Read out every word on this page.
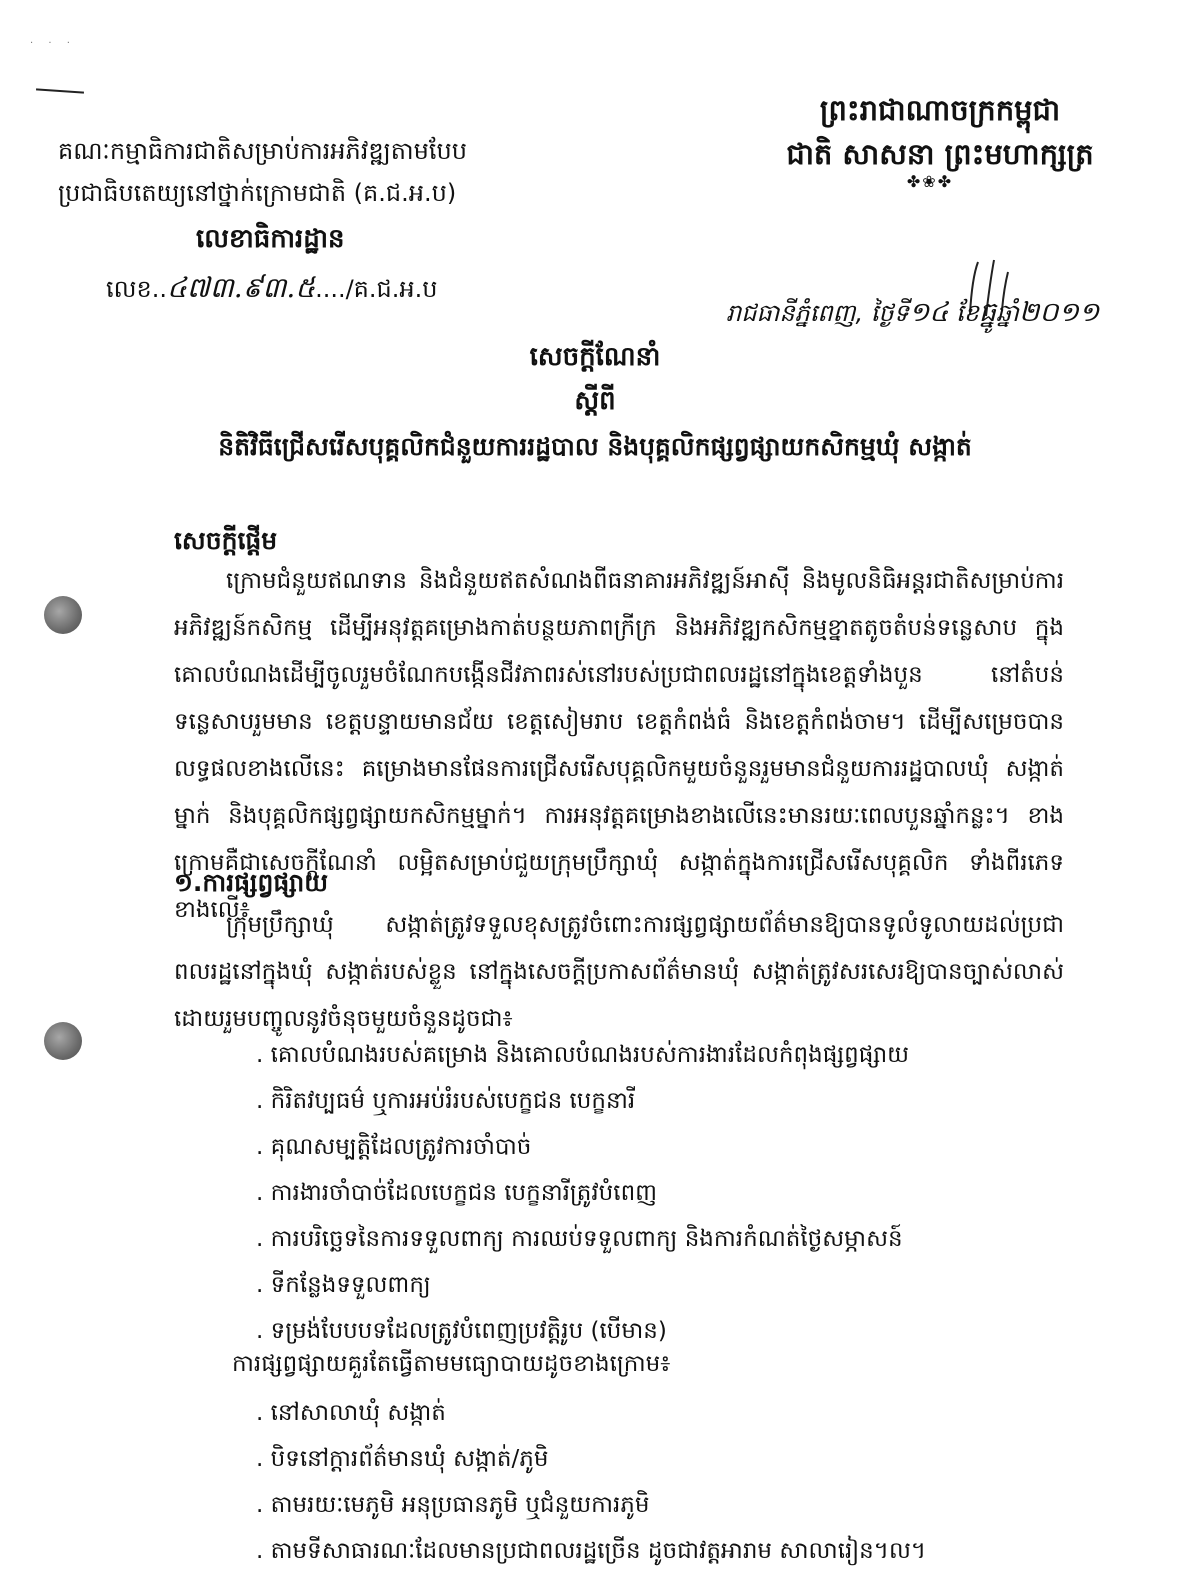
· · ·
ព្រះរាជាណាចក្រកម្ពុជា
ជាតិ សាសនា ព្រះមហាក្សត្រ
✤❀✤
គណៈកម្មាធិការជាតិសម្រាប់ការអភិវឌ្ឍតាមបែប
ប្រជាធិបតេយ្យនៅថ្នាក់ក្រោមជាតិ (គ.ជ.អ.ប)
លេខាធិការដ្ឋាន
លេខ..៤៧៣.៩៣.៥..../គ.ជ.អ.ប
រាជធានីភ្នំពេញ, ថ្ងៃទី១៤ ខែធ្នូឆ្នាំ២០១១
សេចក្តីណែនាំ
ស្តីពី
និតិវិធីជ្រើសរើសបុគ្គលិកជំនួយការរដ្ឋបាល និងបុគ្គលិកផ្សព្វផ្សាយកសិកម្មឃុំ សង្កាត់
សេចក្តីផ្តើម
ក្រោមជំនួយឥណទាន និងជំនួយឥតសំណងពីធនាគារអភិវឌ្ឍន៍អាស៊ី និងមូលនិធិអន្តរជាតិសម្រាប់ការអភិវឌ្ឍន៍កសិកម្ម ដើម្បីអនុវត្តគម្រោងកាត់បន្ថយភាពក្រីក្រ និងអភិវឌ្ឍកសិកម្មខ្នាតតូចតំបន់ទន្លេសាប ក្នុងគោលបំណងដើម្បីចូលរួមចំណែកបង្កើនជីវភាពរស់នៅរបស់ប្រជាពលរដ្ឋនៅក្នុងខេត្តទាំងបួន នៅតំបន់ទន្លេសាបរួមមាន ខេត្តបន្ទាយមានជ័យ ខេត្តសៀមរាប ខេត្តកំពង់ធំ និងខេត្តកំពង់ចាម។ ដើម្បីសម្រេចបានលទ្ធផលខាងលើនេះ គម្រោងមានផែនការជ្រើសរើសបុគ្គលិកមួយចំនួនរួមមានជំនួយការរដ្ឋបាលឃុំ សង្កាត់ម្នាក់ និងបុគ្គលិកផ្សព្វផ្សាយកសិកម្មម្នាក់។ ការអនុវត្តគម្រោងខាងលើនេះមានរយៈពេលបួនឆ្នាំកន្លះ។ ខាងក្រោមគឺជាសេចក្តីណែនាំ លម្អិតសម្រាប់ជួយក្រុមប្រឹក្សាឃុំ សង្កាត់ក្នុងការជ្រើសរើសបុគ្គលិក ទាំងពីរភេទខាងលើ៖
១.ការផ្សព្វផ្សាយ
ក្រុមប្រឹក្សាឃុំ សង្កាត់ត្រូវទទួលខុសត្រូវចំពោះការផ្សព្វផ្សាយព័ត៌មានឱ្យបានទូលំទូលាយដល់ប្រជាពលរដ្ឋនៅក្នុងឃុំ សង្កាត់របស់ខ្លួន នៅក្នុងសេចក្តីប្រកាសព័ត៌មានឃុំ សង្កាត់ត្រូវសរសេរឱ្យបានច្បាស់លាស់ដោយរួមបញ្ចូលនូវចំនុចមួយចំនួនដូចជា៖
. គោលបំណងរបស់គម្រោង និងគោលបំណងរបស់ការងារដែលកំពុងផ្សព្វផ្សាយ
. កិរិតវប្បធម៌ ឬការអប់រំរបស់បេក្ខជន បេក្ខនារី
. គុណសម្បត្តិដែលត្រូវការចាំបាច់
. ការងារចាំបាច់ដែលបេក្ខជន បេក្ខនារីត្រូវបំពេញ
. ការបរិច្ឆេទនៃការទទួលពាក្យ ការឈប់ទទួលពាក្យ និងការកំណត់ថ្ងៃសម្ភាសន៍
. ទីកន្លែងទទួលពាក្យ
. ទម្រង់បែបបទដែលត្រូវបំពេញប្រវត្តិរូប (បើមាន)
ការផ្សព្វផ្សាយគួរតែធ្វើតាមមធ្យោបាយដូចខាងក្រោម៖
. នៅសាលាឃុំ សង្កាត់
. បិទនៅក្តារព័ត៌មានឃុំ សង្កាត់/ភូមិ
. តាមរយៈមេភូមិ អនុប្រធានភូមិ ឬជំនួយការភូមិ
. តាមទីសាធារណៈដែលមានប្រជាពលរដ្ឋច្រើន ដូចជាវត្តអារាម សាលារៀន។ល។
